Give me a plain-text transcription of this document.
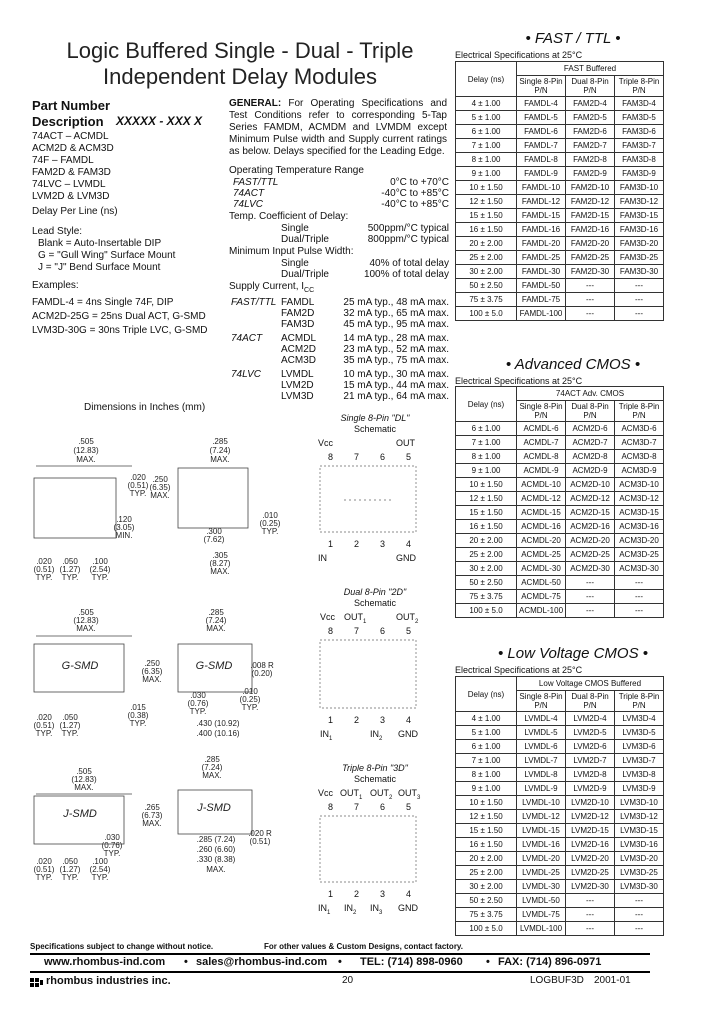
Logic Buffered Single - Dual - Triple
Independent Delay Modules
Part Number
Description XXXXX - XXX X
74ACT – ACMDL
ACM2D & ACM3D
74F – FAMDL
FAM2D & FAM3D
74LVC – LVMDL
LVM2D & LVM3D
Delay Per Line (ns)
Lead Style:
Blank = Auto-Insertable DIP
G = "Gull Wing" Surface Mount
J = "J" Bend Surface Mount
Examples:
FAMDL-4 = 4ns Single 74F, DIP
ACM2D-25G = 25ns Dual ACT, G-SMD
LVM3D-30G = 30ns Triple LVC, G-SMD
GENERAL: For Operating Specifications and Test Conditions refer to corresponding 5-Tap Series FAMDM, ACMDM and LVMDM except Minimum Pulse width and Supply current ratings as below. Delays specified for the Leading Edge.
Operating Temperature Range
FAST/TTL	0°C to +70°C
74ACT	-40°C to +85°C
74LVC	-40°C to +85°C
Temp. Coefficient of Delay:
Single	500ppm/°C typical
Dual/Triple	800ppm/°C typical
Minimum Input Pulse Width:
Single	40% of total delay
Dual/Triple	100% of total delay
Supply Current, $I_{CC}$
FAST/TTL FAMDL	25 mA typ., 48 mA max.
FAM2D	32 mA typ., 65 mA max.
FAM3D	45 mA typ., 95 mA max.
74ACT ACMDL	14 mA typ., 28 mA max.
ACM2D	23 mA typ., 52 mA max.
ACM3D	35 mA typ., 75 mA max.
74LVC LVMDL	10 mA typ., 30 mA max.
LVM2D	15 mA typ., 44 mA max.
LVM3D	21 mA typ., 64 mA max.
Dimensions in Inches (mm)
.505
(12.83)
MAX.
.285
(7.24)
MAX.
.020
(0.51)
TYP.
.250
(6.35)
MAX.
.120
(3.05)
MIN.
.010
(0.25)
TYP.
.300
(7.62)
.020
(0.51)
TYP.
.050
(1.27)
TYP.
.100
(2.54)
TYP.
.305
(8.27)
MAX.
.505
(12.83)
MAX.
.285
(7.24)
MAX.
G-SMD	G-SMD
.250
(6.35)
MAX.
.008 R
(0.20)
.030
(0.76)
TYP.
.015
(0.38)
TYP.
.010
(0.25)
TYP.
.020
(0.51)
TYP.
.050
(1.27)
TYP.
.430 (10.92)
.400 (10.16)
.505
(12.83)
MAX.
.285
(7.24)
MAX.
J-SMD	J-SMD
.265
(6.73)
MAX.
.030
(0.76)
TYP.
.020 R
(0.51)
.020
(0.51)
TYP.
.050
(1.27)
TYP.
.100
(2.54)
TYP.
.285 (7.24)
.260 (6.60)
.330 (8.38)
MAX.
Single 8-Pin "DL"
Schematic
Vcc	OUT
8 7 6 5
1 2 3 4
IN	GND
Dual 8-Pin "2D"
Schematic
Vcc $OUT_1$	$OUT_2$
8 7 6 5
1 2 3 4
$IN_1$	$IN_2$ GND
Triple 8-Pin "3D"
Schematic
Vcc $OUT_1$ $OUT_2$ $OUT_3$
8 7 6 5
1 2 3 4
$IN_1$ $IN_2$ $IN_3$ GND
• FAST / TTL •
Electrical Specifications at 25°C
Delay (ns)	FAST Buffered		
	Single 8-Pin P/N	Dual 8-Pin P/N	Triple 8-Pin P/N
4 ± 1.00	FAMDL-4	FAM2D-4	FAM3D-4
5 ± 1.00	FAMDL-5	FAM2D-5	FAM3D-5
6 ± 1.00	FAMDL-6	FAM2D-6	FAM3D-6
7 ± 1.00	FAMDL-7	FAM2D-7	FAM3D-7
8 ± 1.00	FAMDL-8	FAM2D-8	FAM3D-8
9 ± 1.00	FAMDL-9	FAM2D-9	FAM3D-9
10 ± 1.50	FAMDL-10	FAM2D-10	FAM3D-10
12 ± 1.50	FAMDL-12	FAM2D-12	FAM3D-12
15 ± 1.50	FAMDL-15	FAM2D-15	FAM3D-15
16 ± 1.50	FAMDL-16	FAM2D-16	FAM3D-16
20 ± 2.00	FAMDL-20	FAM2D-20	FAM3D-20
25 ± 2.00	FAMDL-25	FAM2D-25	FAM3D-25
30 ± 2.00	FAMDL-30	FAM2D-30	FAM3D-30
50 ± 2.50	FAMDL-50	---	---
75 ± 3.75	FAMDL-75	---	---
100 ± 5.0	FAMDL-100	---	---
• Advanced CMOS •
Electrical Specifications at 25°C
Delay (ns)	74ACT Adv. CMOS		
	Single 8-Pin P/N	Dual 8-Pin P/N	Triple 8-Pin P/N
6 ± 1.00	ACMDL-6	ACM2D-6	ACM3D-6
7 ± 1.00	ACMDL-7	ACM2D-7	ACM3D-7
8 ± 1.00	ACMDL-8	ACM2D-8	ACM3D-8
9 ± 1.00	ACMDL-9	ACM2D-9	ACM3D-9
10 ± 1.50	ACMDL-10	ACM2D-10	ACM3D-10
12 ± 1.50	ACMDL-12	ACM2D-12	ACM3D-12
15 ± 1.50	ACMDL-15	ACM2D-15	ACM3D-15
16 ± 1.50	ACMDL-16	ACM2D-16	ACM3D-16
20 ± 2.00	ACMDL-20	ACM2D-20	ACM3D-20
25 ± 2.00	ACMDL-25	ACM2D-25	ACM3D-25
30 ± 2.00	ACMDL-30	ACM2D-30	ACM3D-30
50 ± 2.50	ACMDL-50	---	---
75 ± 3.75	ACMDL-75	---	---
100 ± 5.0	ACMDL-100	---	---
• Low Voltage CMOS •
Electrical Specifications at 25°C
Delay (ns)	Low Voltage CMOS Buffered		
	Single 8-Pin P/N	Dual 8-Pin P/N	Triple 8-Pin P/N
4 ± 1.00	LVMDL-4	LVM2D-4	LVM3D-4
5 ± 1.00	LVMDL-5	LVM2D-5	LVM3D-5
6 ± 1.00	LVMDL-6	LVM2D-6	LVM3D-6
7 ± 1.00	LVMDL-7	LVM2D-7	LVM3D-7
8 ± 1.00	LVMDL-8	LVM2D-8	LVM3D-8
9 ± 1.00	LVMDL-9	LVM2D-9	LVM3D-9
10 ± 1.50	LVMDL-10	LVM2D-10	LVM3D-10
12 ± 1.50	LVMDL-12	LVM2D-12	LVM3D-12
15 ± 1.50	LVMDL-15	LVM2D-15	LVM3D-15
16 ± 1.50	LVMDL-16	LVM2D-16	LVM3D-16
20 ± 2.00	LVMDL-20	LVM2D-20	LVM3D-20
25 ± 2.00	LVMDL-25	LVM2D-25	LVM3D-25
30 ± 2.00	LVMDL-30	LVM2D-30	LVM3D-30
50 ± 2.50	LVMDL-50	---	---
75 ± 3.75	LVMDL-75	---	---
100 ± 5.0	LVMDL-100	---	---
Specifications subject to change without notice.	For other values & Custom Designs, contact factory.
www.rhombus-ind.com • sales@rhombus-ind.com • TEL: (714) 898-0960 • FAX: (714) 896-0971
rhombus industries inc.	20	LOGBUF3D 2001-01
